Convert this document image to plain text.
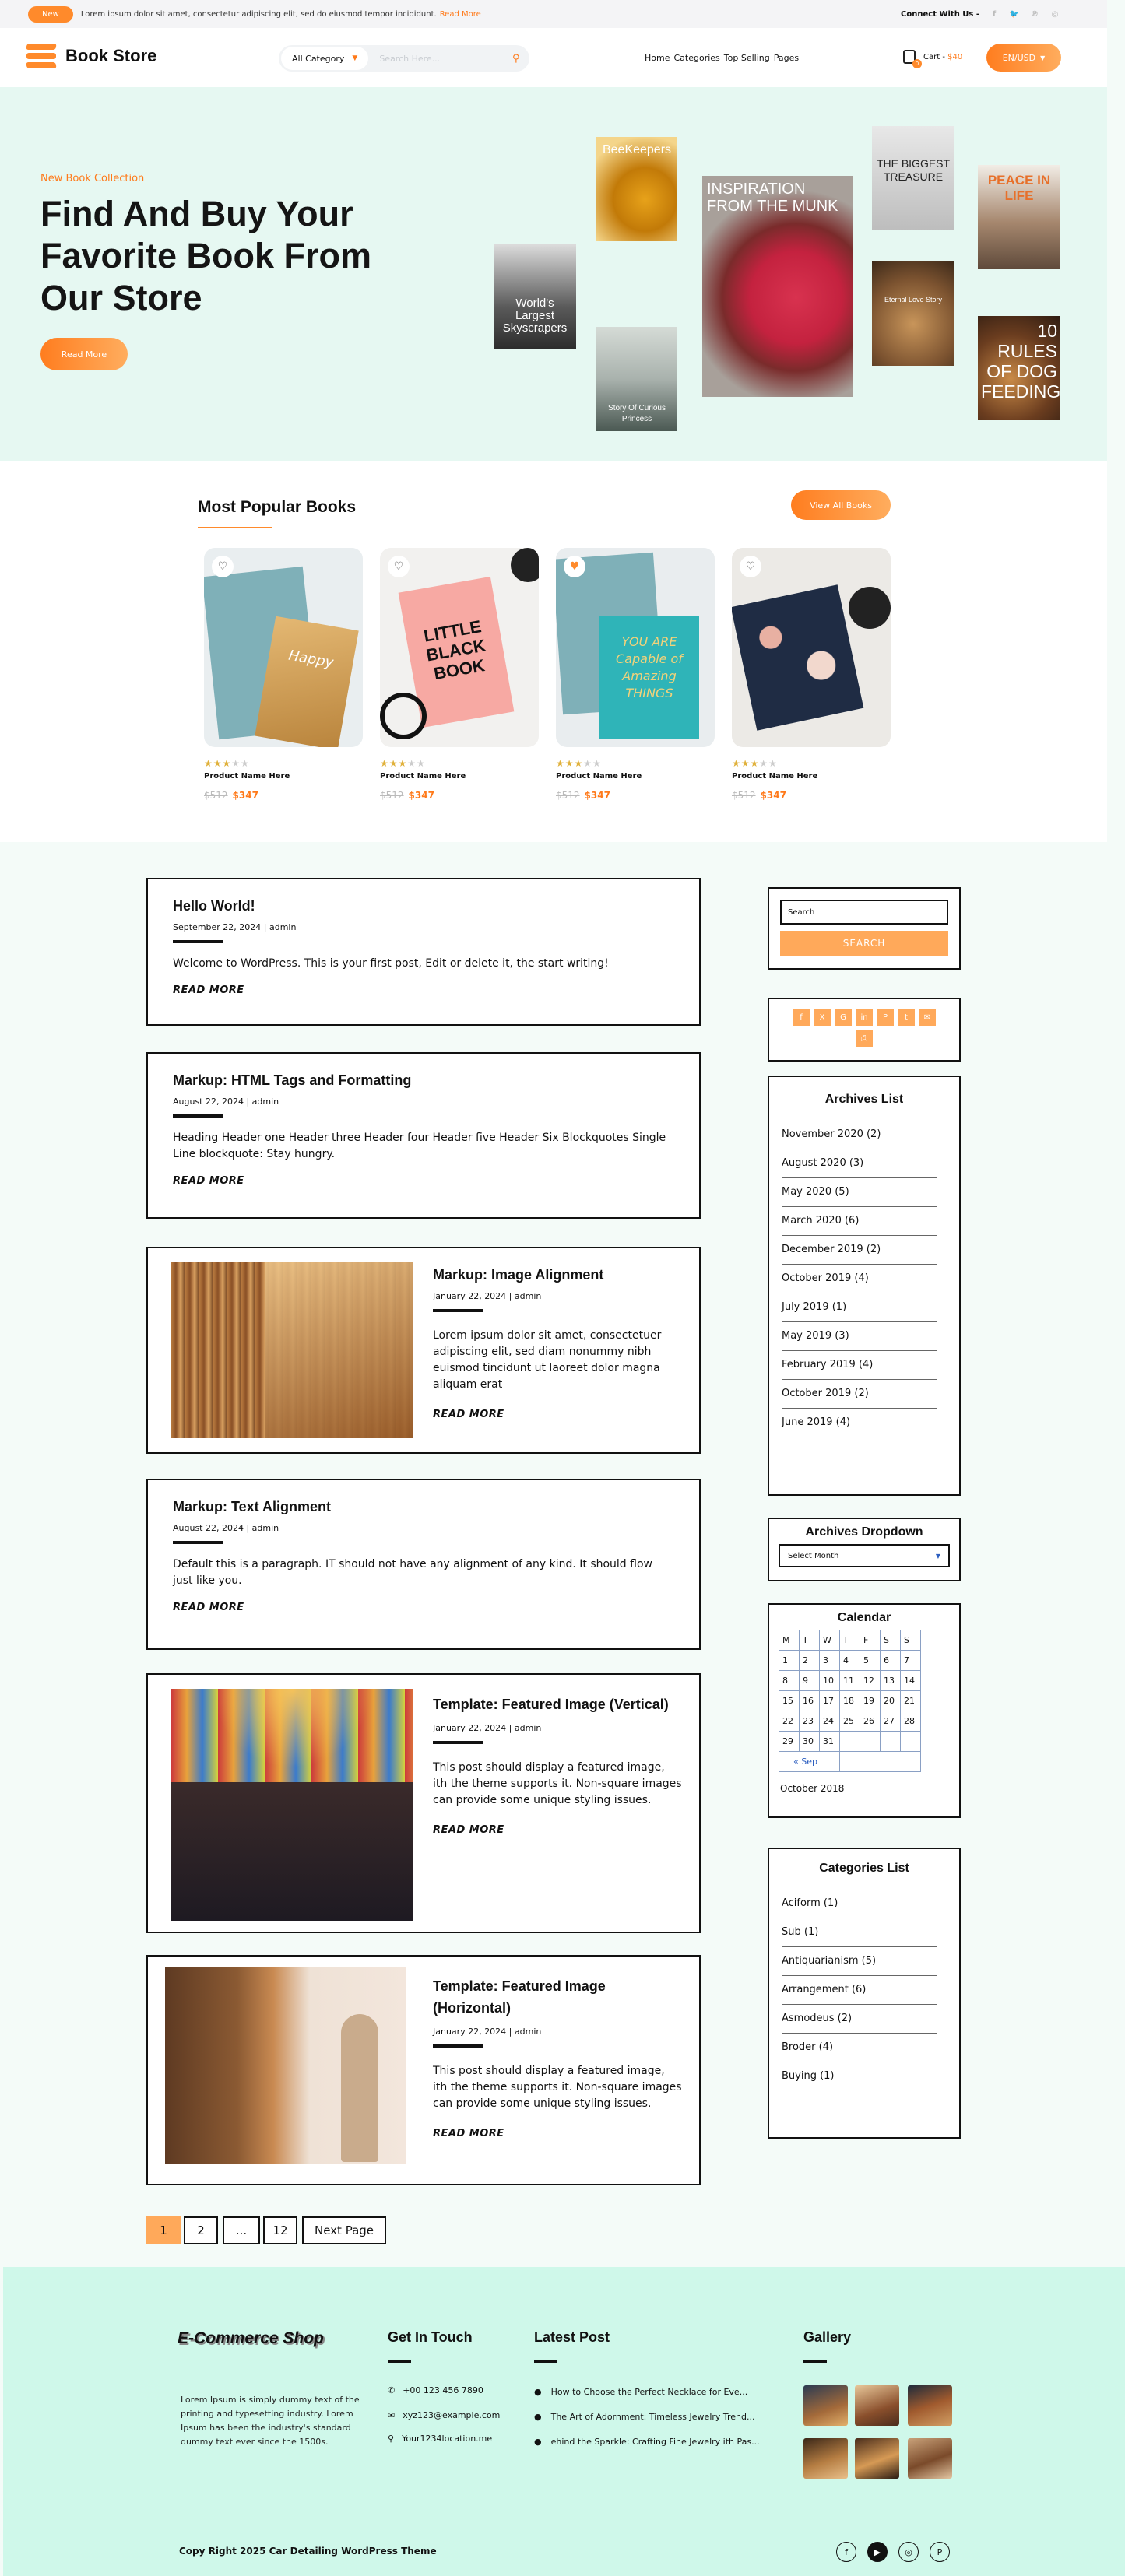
New	Lorem ipsum dolor sit amet, consectetur adipiscing elit, sed do eiusmod tempor incididunt. Read More	Connect With Us -	f	🐦 ℗ ◎
Book Store	All Category ▼	Search Here...	⚲	Home Categories Top Selling Pages
0
Cart - $40	EN/USD ▼
New Book Collection
Find And Buy Your Favorite Book From Our Store
Read More
World's Largest Skyscrapers
BeeKeepers
Story Of Curious Princess
INSPIRATION FROM THE MUNK
THE BIGGEST TREASURE
Eternal Love Story
PEACE IN LIFE
10 RULES OF DOG FEEDING
Most Popular Books	View All Books
Happy
♡
★★★★★
Product Name Here
$512 $347
LITTLE BLACK BOOK
♡
★★★★★
Product Name Here
$512 $347
YOU ARE Capable of Amazing THINGS
♥
★★★★★
Product Name Here
$512 $347
♡
★★★★★
Product Name Here
$512 $347
Hello World!
September 22, 2024 | admin
Welcome to WordPress. This is your first post, Edit or delete it, the start writing!
READ MORE
Markup: HTML Tags and Formatting
August 22, 2024 | admin
Heading Header one Header three Header four Header five Header Six Blockquotes Single Line blockquote: Stay hungry.
READ MORE
Markup: Image Alignment
January 22, 2024 | admin
Lorem ipsum dolor sit amet, consectetuer adipiscing elit, sed diam nonummy nibh euismod tincidunt ut laoreet dolor magna aliquam erat
READ MORE
Markup: Text Alignment
August 22, 2024 | admin
Default this is a paragraph. IT should not have any alignment of any kind. It should flow just like you.
READ MORE
Template: Featured Image (Vertical)
January 22, 2024 | admin
This post should display a featured image, ith the theme supports it. Non-square images can provide some unique styling issues.
READ MORE
Template: Featured Image (Horizontal)
January 22, 2024 | admin
This post should display a featured image, ith the theme supports it. Non-square images can provide some unique styling issues.
READ MORE
1	2	...	12	Next Page
Search
SEARCH
f	X	G	in	P	t	✉
⎙
Archives List
November 2020 (2)
August 2020 (3)
May 2020 (5)
March 2020 (6)
December 2019 (2)
October 2019 (4)
July 2019 (1)
May 2019 (3)
February 2019 (4)
October 2019 (2)
June 2019 (4)
Archives Dropdown
Select Month	▼
Calendar
M	T	W	T	F	S	S
1	2	3	4	5	6	7
8	9	10	11	12	13	14
15	16	17	18	19	20	21
22	23	24	25	26	27	28
29	30	31				
« Sep						
October 2018
Categories List
Aciform (1)
Sub (1)
Antiquarianism (5)
Arrangement (6)
Asmodeus (2)
Broder (4)
Buying (1)
E-Commerce Shop
Lorem Ipsum is simply dummy text of the printing and typesetting industry. Lorem Ipsum has been the industry's standard dummy text ever since the 1500s.
Get In Touch
✆ +00 123 456 7890
✉ xyz123@example.com
⚲ Your1234location.me
Latest Post
● How to Choose the Perfect Necklace for Eve...
● The Art of Adornment: Timeless Jewelry Trend...
● ehind the Sparkle: Crafting Fine Jewelry ith Pas...
Gallery
Copy Right 2025 Car Detailing WordPress Theme	f	▶	◎	P
